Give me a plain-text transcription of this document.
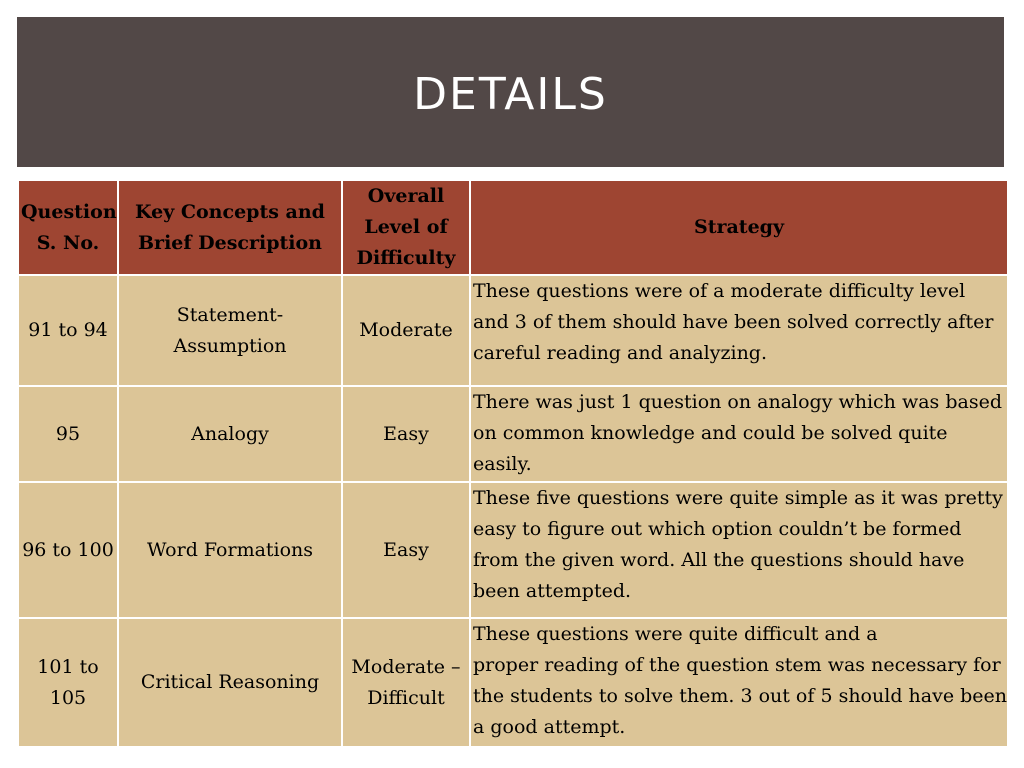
DETAILS
Question S. No.	Key Concepts and Brief Description	Overall Level of Difficulty	Strategy
91 to 94	Statement-Assumption	Moderate	These questions were of a moderate difficulty level and 3 of them should have been solved correctly after careful reading and analyzing.
95	Analogy	Easy	There was just 1 question on analogy which was based on common knowledge and could be solved quite easily.
96 to 100	Word Formations	Easy	These five questions were quite simple as it was pretty easy to figure out which option couldn’t be formed from the given word. All the questions should have been attempted.
101 to 105	Critical Reasoning	Moderate – Difficult	These questions were quite difficult and a
proper reading of the question stem was necessary for the students to solve them. 3 out of 5 should have been a good attempt.
